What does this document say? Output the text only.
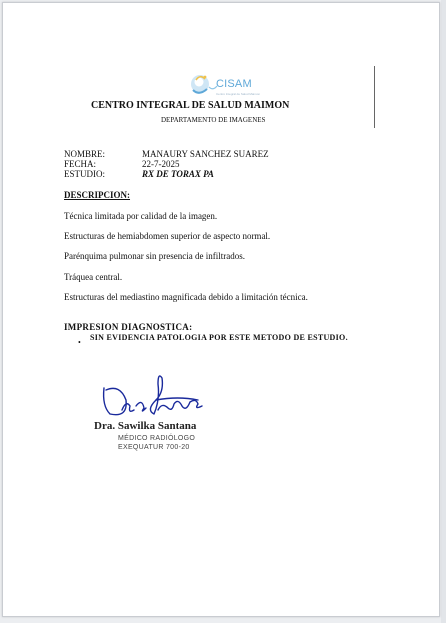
CISAM
Centro Integral de Salud Maimon
CENTRO INTEGRAL DE SALUD MAIMON
DEPARTAMENTO DE IMAGENES
NOMBRE:	MANAURY SANCHEZ SUAREZ
FECHA:	22-7-2025
ESTUDIO:	RX DE TORAX PA
DESCRIPCION:
Técnica limitada por calidad de la imagen.
Estructuras de hemiabdomen superior de aspecto normal.
Parénquima pulmonar sin presencia de infiltrados.
Tráquea central.
Estructuras del mediastino magnificada debido a limitación técnica.
IMPRESION DIAGNOSTICA:
•
SIN EVIDENCIA PATOLOGIA POR ESTE METODO DE ESTUDIO.
Dra. Sawilka Santana
MÉDICO RADIÓLOGO
EXEQUATUR 700-20
